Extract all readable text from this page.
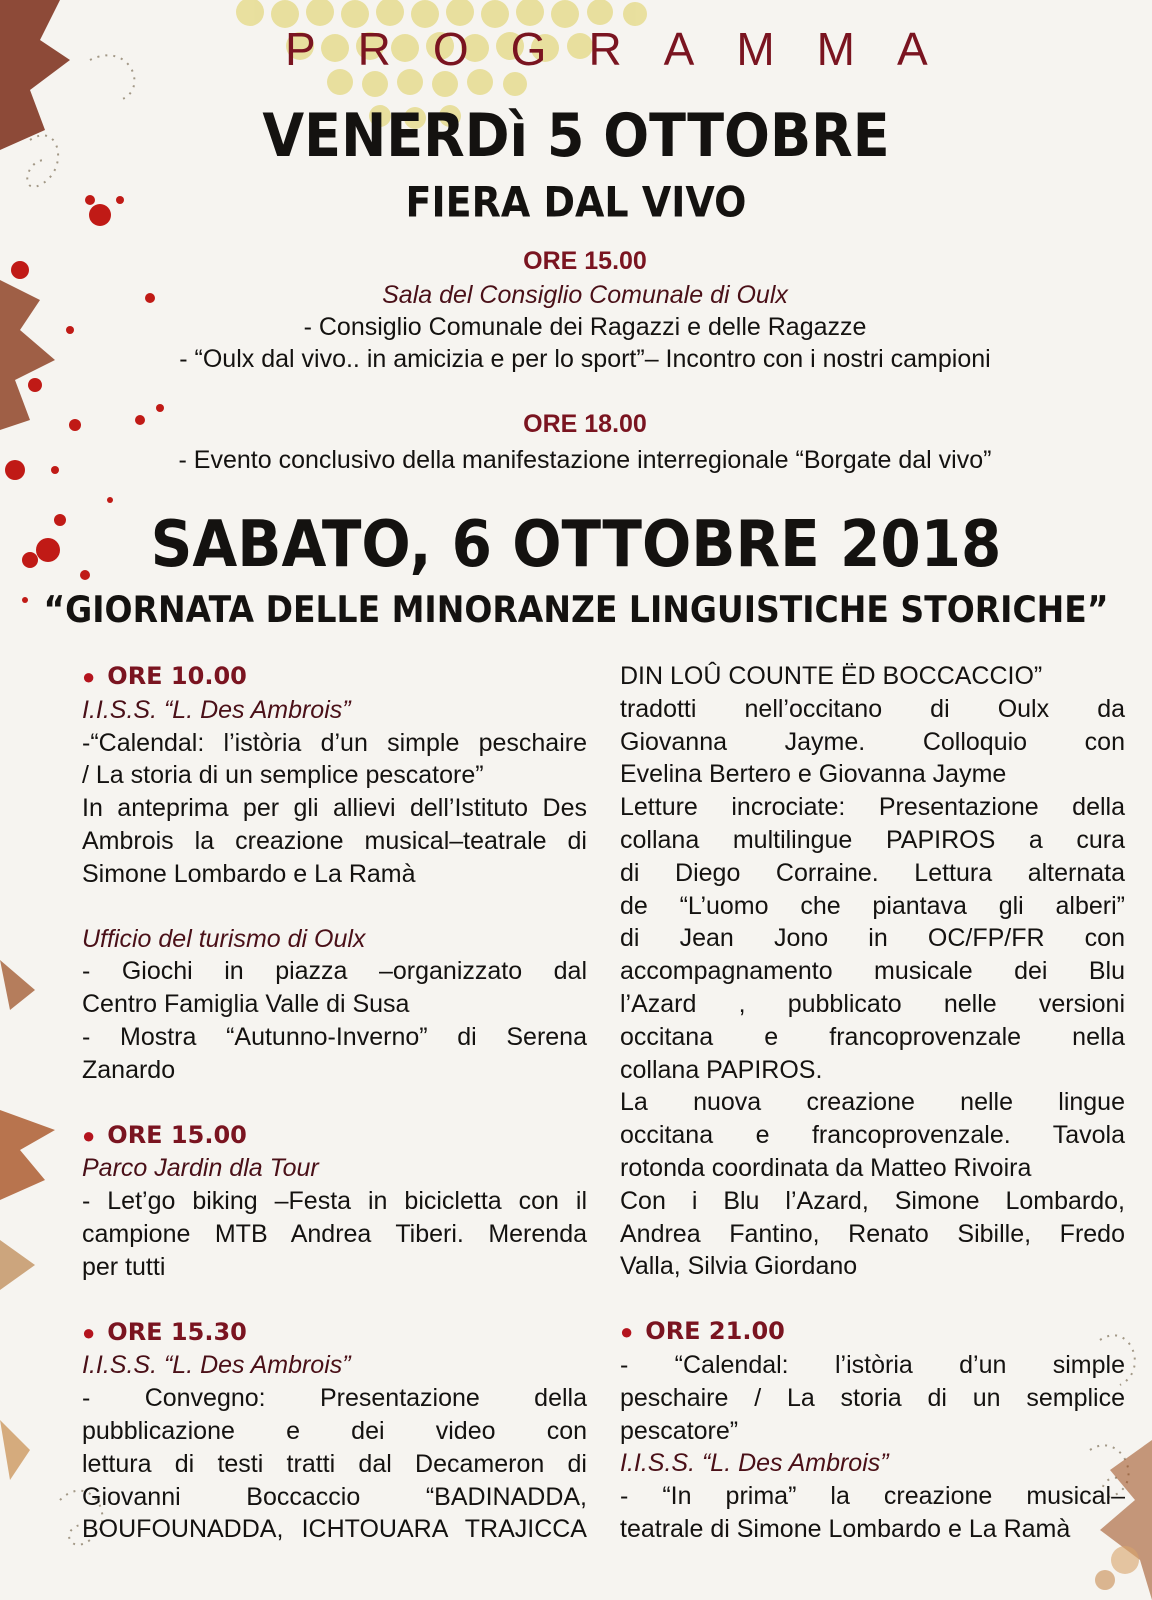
PROGRAMMA
VENERDì 5 OTTOBRE
FIERA DAL VIVO
ORE 15.00
Sala del Consiglio Comunale di Oulx
- Consiglio Comunale dei Ragazzi e delle Ragazze
- “Oulx dal vivo.. in amicizia e per lo sport”– Incontro con i nostri campioni
ORE 18.00
- Evento conclusivo della manifestazione interregionale “Borgate dal vivo”
SABATO, 6 OTTOBRE 2018
“GIORNATA DELLE MINORANZE LINGUISTICHE STORICHE”
● ORE 10.00
I.I.S.S. “L. Des Ambrois”
-“Calendal: l’istòria d’un simple peschaire
/ La storia di un semplice pescatore”
In anteprima per gli allievi dell’Istituto Des
Ambrois la creazione musical–teatrale di
Simone Lombardo e La Ramà
Ufficio del turismo di Oulx
- Giochi in piazza –organizzato dal
Centro Famiglia Valle di Susa
- Mostra “Autunno-Inverno” di Serena
Zanardo
● ORE 15.00
Parco Jardin dla Tour
- Let’go biking –Festa in bicicletta con il
campione MTB Andrea Tiberi. Merenda
per tutti
● ORE 15.30
I.I.S.S. “L. Des Ambrois”
- Convegno: Presentazione della
pubblicazione e dei video con
lettura di testi tratti dal Decameron di
Giovanni Boccaccio “BADINADDA,
BOUFOUNADDA, ICHTOUARA TRAJICCA
DIN LOÛ COUNTE ËD BOCCACCIO”
tradotti nell’occitano di Oulx da
Giovanna Jayme. Colloquio con
Evelina Bertero e Giovanna Jayme
Letture incrociate: Presentazione della
collana multilingue PAPIROS a cura
di Diego Corraine. Lettura alternata
de “L’uomo che piantava gli alberi”
di Jean Jono in OC/FP/FR con
accompagnamento musicale dei Blu
l’Azard , pubblicato nelle versioni
occitana e francoprovenzale nella
collana PAPIROS.
La nuova creazione nelle lingue
occitana e francoprovenzale. Tavola
rotonda coordinata da Matteo Rivoira
Con i Blu l’Azard, Simone Lombardo,
Andrea Fantino, Renato Sibille, Fredo
Valla, Silvia Giordano
● ORE 21.00
- “Calendal: l’istòria d’un simple
peschaire / La storia di un semplice
pescatore”
I.I.S.S. “L. Des Ambrois”
- “In prima” la creazione musical–
teatrale di Simone Lombardo e La Ramà
